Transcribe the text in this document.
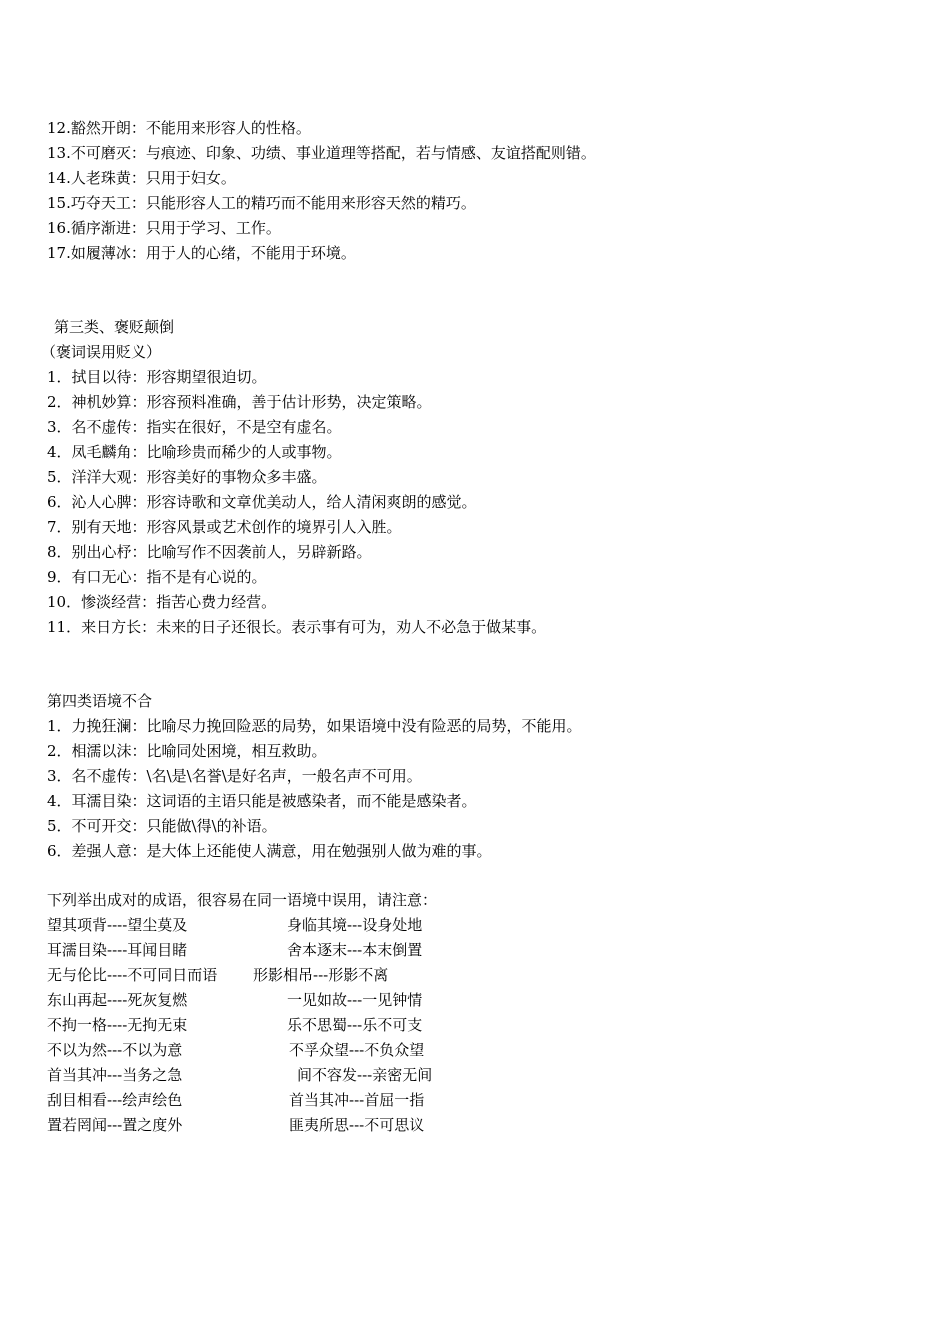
12.豁然开朗：不能用来形容人的性格。
13.不可磨灭：与痕迹、印象、功绩、事业道理等搭配，若与情感、友谊搭配则错。
14.人老珠黄：只用于妇女。
15.巧夺天工：只能形容人工的精巧而不能用来形容天然的精巧。
16.循序渐进：只用于学习、工作。
17.如履薄冰：用于人的心绪，不能用于环境。
第三类、褒贬颠倒
（褒词误用贬义）
1．拭目以待：形容期望很迫切。
2．神机妙算：形容预料准确，善于估计形势，决定策略。
3．名不虚传：指实在很好，不是空有虚名。
4．凤毛麟角：比喻珍贵而稀少的人或事物。
5．洋洋大观：形容美好的事物众多丰盛。
6．沁人心脾：形容诗歌和文章优美动人，给人清闲爽朗的感觉。
7．别有天地：形容风景或艺术创作的境界引人入胜。
8．别出心杼：比喻写作不因袭前人，另辟新路。
9．有口无心：指不是有心说的。
10．惨淡经营：指苦心费力经营。
11．来日方长：未来的日子还很长。表示事有可为，劝人不必急于做某事。
第四类语境不合
1．力挽狂澜：比喻尽力挽回险恶的局势，如果语境中没有险恶的局势，不能用。
2．相濡以沫：比喻同处困境，相互救助。
3．名不虚传：\名\是\名誉\是好名声，一般名声不可用。
4．耳濡目染：这词语的主语只能是被感染者，而不能是感染者。
5．不可开交：只能做\得\的补语。
6．差强人意：是大体上还能使人满意，用在勉强别人做为难的事。
下列举出成对的成语，很容易在同一语境中误用，请注意：
望其项背----望尘莫及	身临其境---设身处地
耳濡目染----耳闻目睹	舍本逐末---本末倒置
无与伦比----不可同日而语 形影相吊---形影不离
东山再起----死灰复燃	一见如故---一见钟情
不拘一格----无拘无束	乐不思蜀---乐不可支
不以为然---不以为意	不孚众望---不负众望
首当其冲---当务之急	间不容发---亲密无间
刮目相看---绘声绘色	首当其冲---首屈一指
置若罔闻---置之度外	匪夷所思---不可思议
